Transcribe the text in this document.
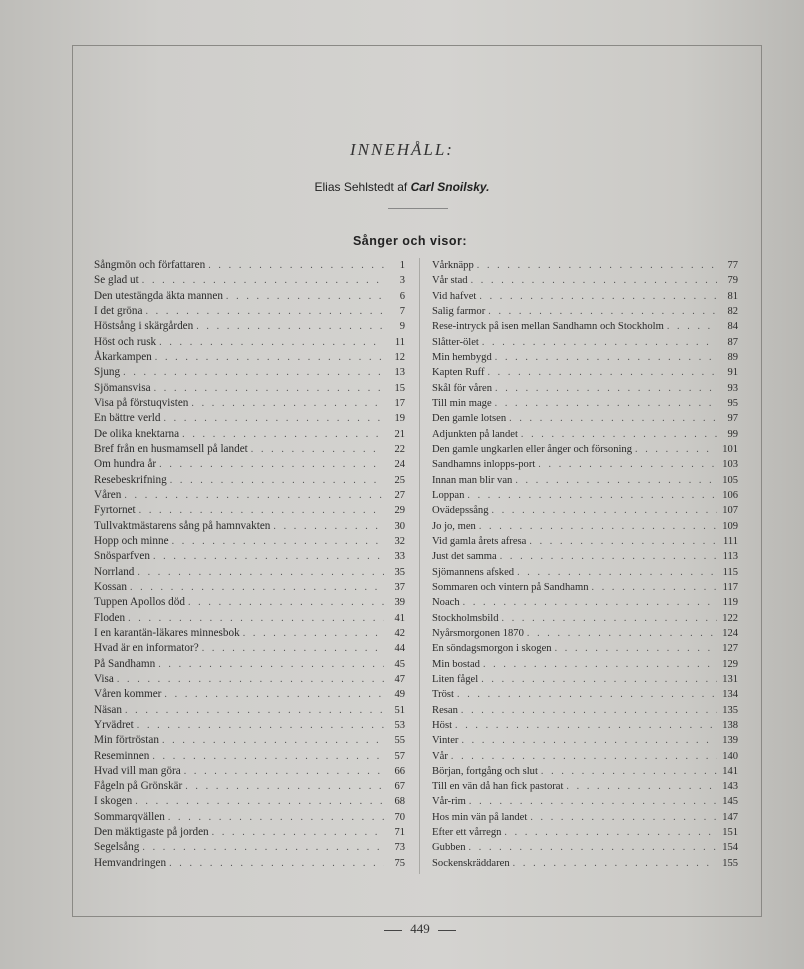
INNEHÅLL:
Elias Sehlstedt af Carl Snoilsky.
Sånger och visor:
Sångmön och författaren . . .	1
Se glad ut . . .	3
Den utestängda äkta mannen . . .	6
I det gröna . . .	7
Höstsång i skärgården . . .	9
Höst och rusk . . .	11
Åkarkampen . . .	12
Sjung . . .	13
Sjömansvisa . . .	15
Visa på förstuqvisten . . .	17
En bättre verld . . .	19
De olika knektarna . . .	21
Bref från en husmamsell på landet . . .	22
Om hundra år . . .	24
Resebeskrifning . . .	25
Våren . . .	27
Fyrtornet . . .	29
Tullvaktmästarens sång på hamnvakten . . .	30
Hopp och minne . . .	32
Snösparfven . . .	33
Norrland . . .	35
Kossan . . .	37
Tuppen Apollos död . . .	39
Floden . . .	41
I en karantän-läkares minnesbok . . .	42
Hvad är en informator? . . .	44
På Sandhamn . . .	45
Visa . . .	47
Våren kommer . . .	49
Näsan . . .	51
Yrvädret . . .	53
Min förtröstan . . .	55
Reseminnen . . .	57
Hvad vill man göra . . .	66
Fågeln på Grönskär . . .	67
I skogen . . .	68
Sommarqvällen . . .	70
Den mäktigaste på jorden . . .	71
Segelsång . . .	73
Hemvandringen . . .	75
Vårknäpp . . .	77
Vår stad . . .	79
Vid hafvet . . .	81
Salig farmor . . .	82
Rese-intryck på isen mellan Sandhamn och Stockholm . . .	84
Slåtter-ölet . . .	87
Min hembygd . . .	89
Kapten Ruff . . .	91
Skål för våren . . .	93
Till min mage . . .	95
Den gamle lotsen . . .	97
Adjunkten på landet . . .	99
Den gamle ungkarlen eller ånger och försoning . . .	101
Sandhamns inlopps-port . . .	103
Innan man blir van . . .	105
Loppan . . .	106
Ovädерssång . . .	107
Jo jo, men . . .	109
Vid gamla årets afresa . . .	111
Just det samma . . .	113
Sjömannens afsked . . .	115
Sommaren och vintern på Sandhamn . . .	117
Noach . . .	119
Stockholmsbild . . .	122
Nyårsmorgonen 1870 . . .	124
En söndagsmorgon i skogen . . .	127
Min bostad . . .	129
Liten fågel . . .	131
Tröst . . .	134
Resan . . .	135
Höst . . .	138
Vinter . . .	139
Vår . . .	140
Början, fortgång och slut . . .	141
Till en vän då han fick pastorat . . .	143
Vår-rim . . .	145
Hos min vän på landet . . .	147
Efter ett vårregn . . .	151
Gubben . . .	154
Sockenskräddaren . . .	155
449
